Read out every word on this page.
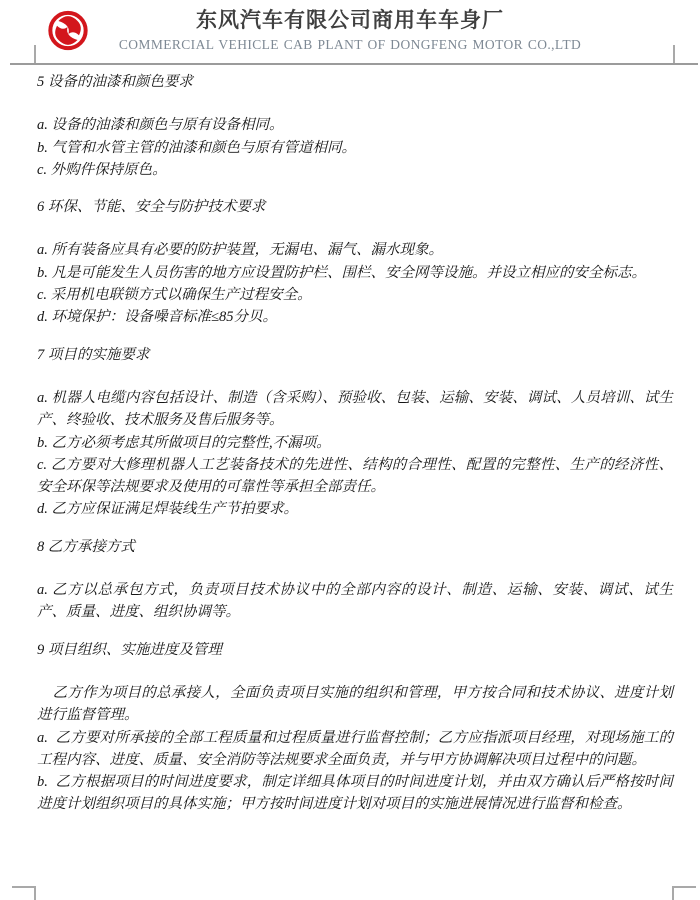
东风汽车有限公司商用车车身厂
COMMERCIAL VEHICLE CAB PLANT OF DONGFENG MOTOR CO.,LTD

5 设备的油漆和颜色要求

a. 设备的油漆和颜色与原有设备相同。

b. 气管和水管主管的油漆和颜色与原有管道相同。

c. 外购件保持原色。

6 环保、节能、安全与防护技术要求

a. 所有装备应具有必要的防护装置，无漏电、漏气、漏水现象。

b. 凡是可能发生人员伤害的地方应设置防护栏、围栏、安全网等设施。并设立相应的安全标志。

c. 采用机电联锁方式以确保生产过程安全。

d. 环境保护：设备噪音标准≤85分贝。

7 项目的实施要求

a. 机器人电缆内容包括设计、制造（含采购）、预验收、包装、运输、安装、调试、人员培训、试生产、终验收、技术服务及售后服务等。

b. 乙方必须考虑其所做项目的完整性,不漏项。

c. 乙方要对大修理机器人工艺装备技术的先进性、结构的合理性、配置的完整性、生产的经济性、安全环保等法规要求及使用的可靠性等承担全部责任。

d. 乙方应保证满足焊装线生产节拍要求。

8 乙方承接方式

a. 乙方以总承包方式，负责项目技术协议中的全部内容的设计、制造、运输、安装、调试、试生产、质量、进度、组织协调等。

9 项目组织、实施进度及管理

乙方作为项目的总承接人，全面负责项目实施的组织和管理，甲方按合同和技术协议、进度计划进行监督管理。

a.  乙方要对所承接的全部工程质量和过程质量进行监督控制；乙方应指派项目经理，对现场施工的工程内容、进度、质量、安全消防等法规要求全面负责，并与甲方协调解决项目过程中的问题。

b.  乙方根据项目的时间进度要求，制定详细具体项目的时间进度计划，并由双方确认后严格按时间进度计划组织项目的具体实施；甲方按时间进度计划对项目的实施进展情况进行监督和检查。
